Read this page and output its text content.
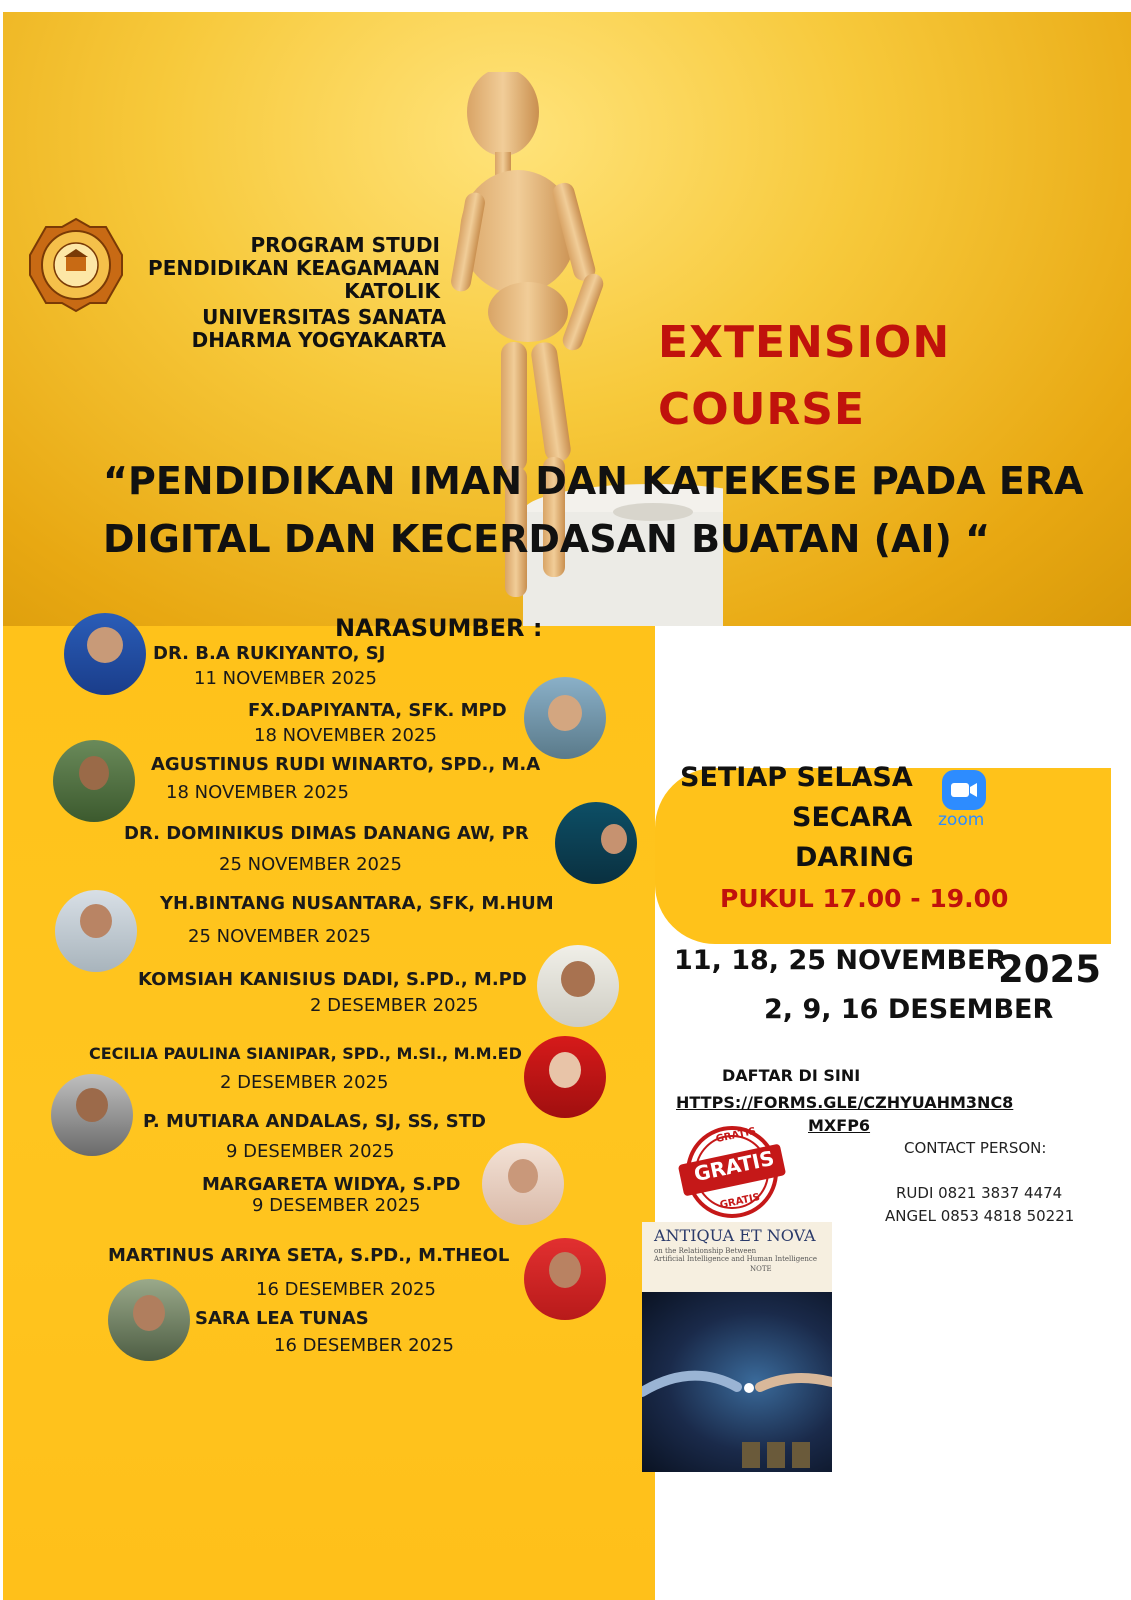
PROGRAM STUDI
PENDIDIKAN KEAGAMAAN
KATOLIK
UNIVERSITAS SANATA
DHARMA YOGYAKARTA	EXTENSION
COURSE
“PENDIDIKAN IMAN DAN KATEKESE PADA ERA
DIGITAL DAN KECERDASAN BUATAN (AI) “
NARASUMBER :
DR. B.A RUKIYANTO, SJ
11 NOVEMBER 2025
FX.DAPIYANTA, SFK. MPD
18 NOVEMBER 2025
AGUSTINUS RUDI WINARTO, SPD., M.A
18 NOVEMBER 2025
DR. DOMINIKUS DIMAS DANANG AW, PR
25 NOVEMBER 2025
YH.BINTANG NUSANTARA, SFK, M.HUM
25 NOVEMBER 2025
KOMSIAH KANISIUS DADI, S.PD., M.PD
2 DESEMBER 2025
CECILIA PAULINA SIANIPAR, SPD., M.SI., M.M.ED
2 DESEMBER 2025
P. MUTIARA ANDALAS, SJ, SS, STD
9 DESEMBER 2025
MARGARETA WIDYA, S.PD
9 DESEMBER 2025
MARTINUS ARIYA SETA, S.PD., M.THEOL
16 DESEMBER 2025
SARA LEA TUNAS
16 DESEMBER 2025
SETIAP SELASA
SECARA
DARING
PUKUL 17.00 - 19.00
zoom
11, 18, 25 NOVEMBER
2025
2, 9, 16 DESEMBER
DAFTAR DI SINI
HTTPS://FORMS.GLE/CZHYUAHM3NC8
MXFP6
GRATIS
GRATIS
GRATIS
CONTACT PERSON:
RUDI 0821 3837 4474
ANGEL 0853 4818 50221
ANTIQUA ET NOVA
on the Relationship Between
Artificial Intelligence and Human Intelligence
NOTE
